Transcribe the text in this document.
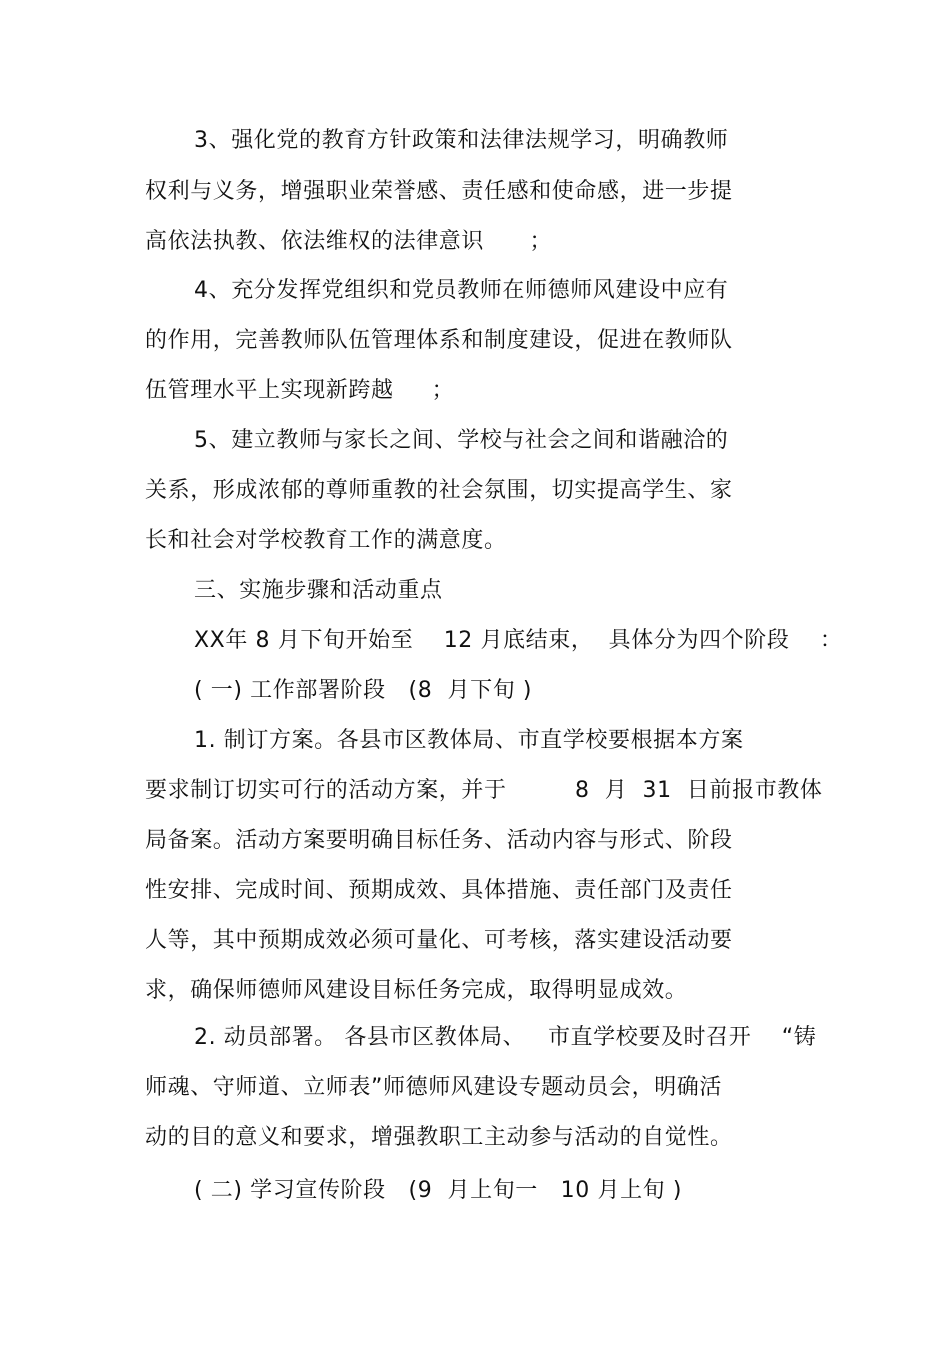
3、强化党的教育方针政策和法律法规学习，明确教师
权利与义务，增强职业荣誉感、责任感和使命感，进一步提
高依法执教、依法维权的法律意识      ；
4、充分发挥党组织和党员教师在师德师风建设中应有
的作用，完善教师队伍管理体系和制度建设，促进在教师队
伍管理水平上实现新跨越     ；
5、建立教师与家长之间、学校与社会之间和谐融洽的
关系，形成浓郁的尊师重教的社会氛围，切实提高学生、家
长和社会对学校教育工作的满意度。
三、实施步骤和活动重点
XX年 8 月下旬开始至    12 月底结束，  具体分为四个阶段    ：
( 一) 工作部署阶段   (8  月下旬 )
1. 制订方案。各县市区教体局、市直学校要根据本方案
要求制订切实可行的活动方案，并于         8  月  31  日前报市教体
局备案。活动方案要明确目标任务、活动内容与形式、阶段
性安排、完成时间、预期成效、具体措施、责任部门及责任
人等，其中预期成效必须可量化、可考核，落实建设活动要
求，确保师德师风建设目标任务完成，取得明显成效。
2. 动员部署。 各县市区教体局、   市直学校要及时召开    “铸
师魂、守师道、立师表”师德师风建设专题动员会，明确活
动的目的意义和要求，增强教职工主动参与活动的自觉性。
( 二) 学习宣传阶段   (9  月上旬一   10 月上旬 )
